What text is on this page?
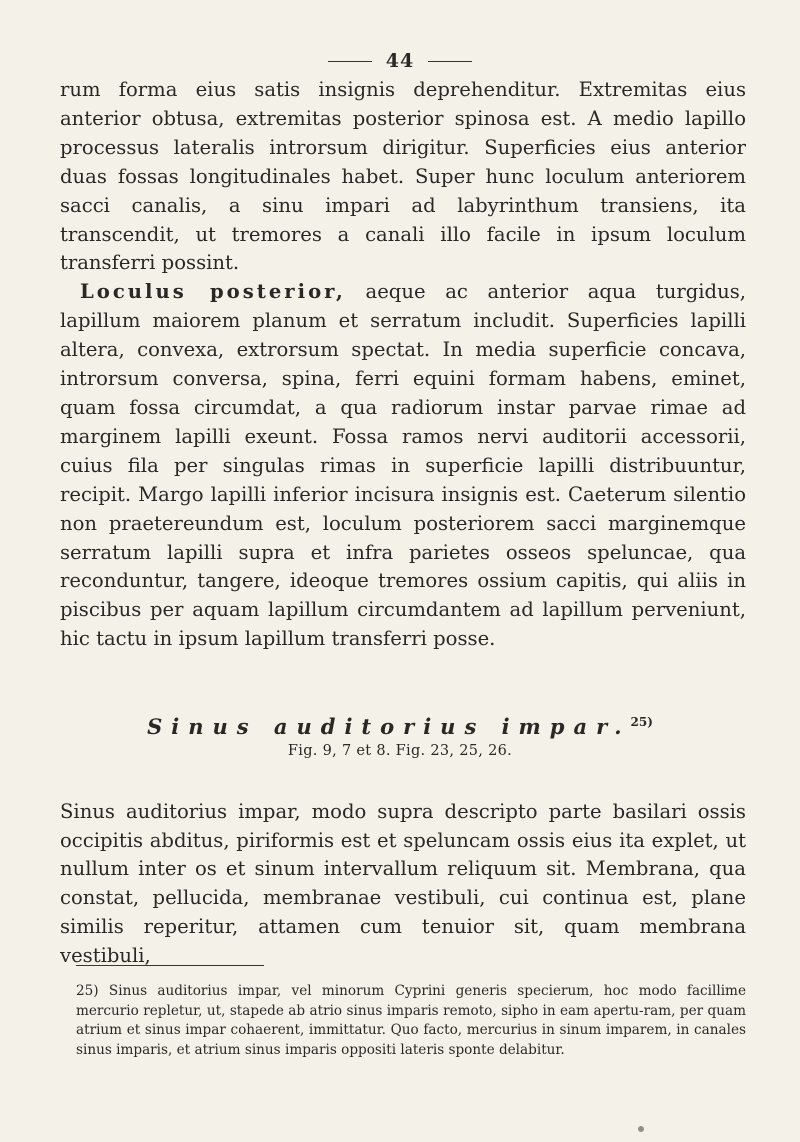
44

rum forma eius satis insignis deprehenditur. Extremitas eius anterior obtusa, extremitas posterior spinosa est. A medio lapillo processus lateralis introrsum dirigitur. Superficies eius anterior duas fossas longitudinales habet. Super hunc loculum anteriorem sacci canalis, a sinu impari ad labyrinthum transiens, ita transcendit, ut tremores a canali illo facile in ipsum loculum transferri possint.

Loculus posterior, aeque ac anterior aqua turgidus, lapillum maiorem planum et serratum includit. Superficies lapilli altera, convexa, extrorsum spectat. In media superficie concava, introrsum conversa, spina, ferri equini formam habens, eminet, quam fossa circumdat, a qua radiorum instar parvae rimae ad marginem lapilli exeunt. Fossa ramos nervi auditorii accessorii, cuius fila per singulas rimas in superficie lapilli distribuuntur, recipit. Margo lapilli inferior incisura insignis est. Caeterum silentio non praetereundum est, loculum posteriorem sacci marginemque serratum lapilli supra et infra parietes osseos speluncae, qua reconduntur, tangere, ideoque tremores ossium capitis, qui aliis in piscibus per aquam lapillum circumdantem ad lapillum perveniunt, hic tactu in ipsum lapillum transferri posse.

Sinus auditorius impar.$^{25)}$
Fig. 9, 7 et 8. Fig. 23, 25, 26.

Sinus auditorius impar, modo supra descripto parte basilari ossis occipitis abditus, piriformis est et speluncam ossis eius ita explet, ut nullum inter os et sinum intervallum reliquum sit. Membrana, qua constat, pellucida, membranae vestibuli, cui continua est, plane similis reperitur, attamen cum tenuior sit, quam membrana vestibuli,

25) Sinus auditorius impar, vel minorum Cyprini generis specierum, hoc modo facillime mercurio repletur, ut, stapede ab atrio sinus imparis remoto, sipho in eam apertu-ram, per quam atrium et sinus impar cohaerent, immittatur. Quo facto, mercurius in sinum imparem, in canales sinus imparis, et atrium sinus imparis oppositi lateris sponte delabitur.
